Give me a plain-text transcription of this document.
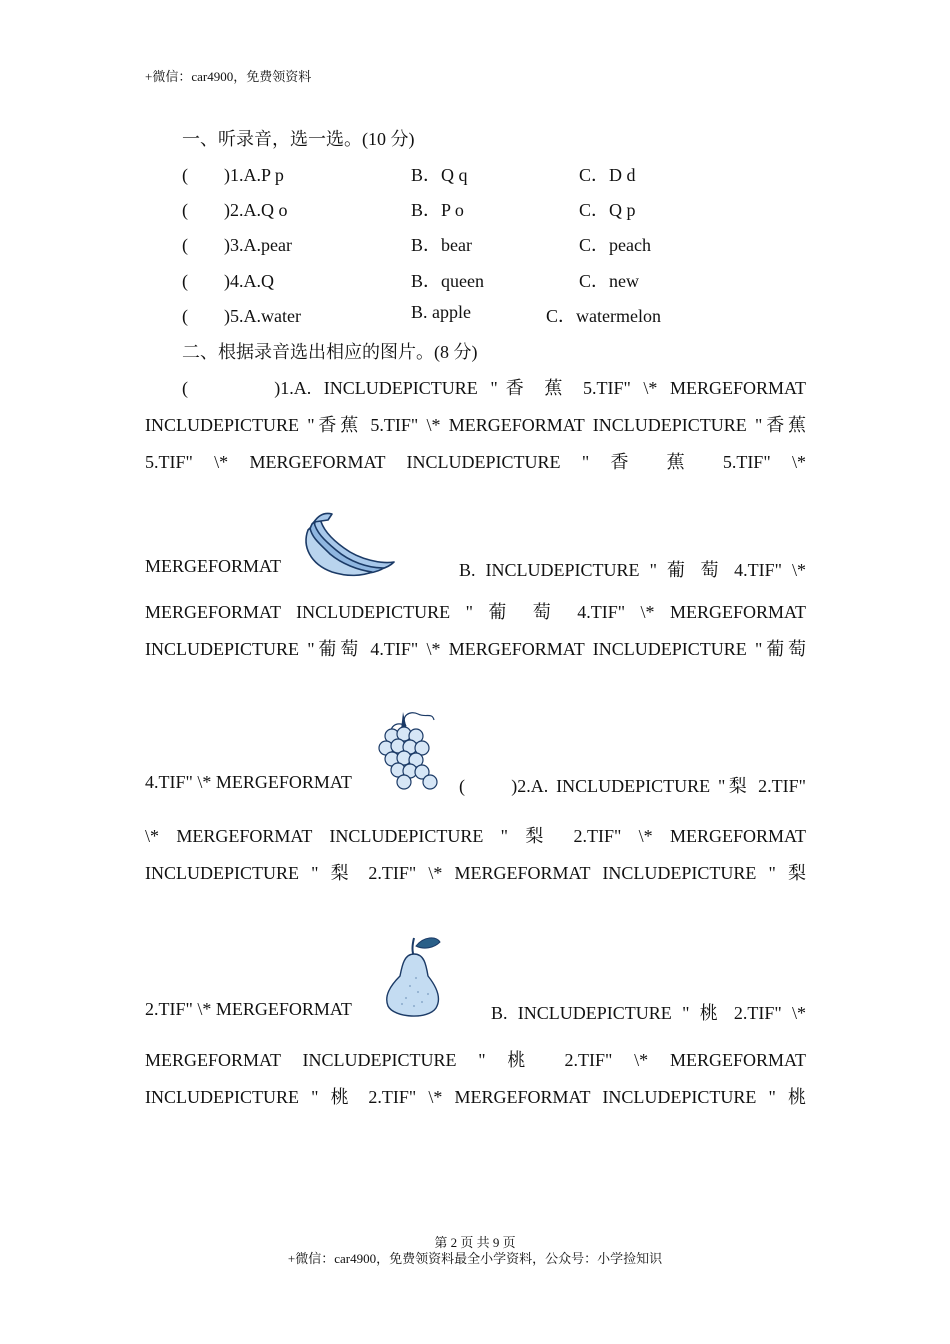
+微信：car4900，免费领资料
一、听录音，选一选。(10 分)
(　　)1.A.P p	B．Q q	C．D d
(　　)2.A.Q o	B．P o	C．Q p
(　　)3.A.pear	B．bear	C．peach
(　　)4.A.Q	B．queen	C．new
(　　)5.A.water	B. apple	C．watermelon
二、根据录音选出相应的图片。(8 分)
(　　　)1.A. INCLUDEPICTURE "香 蕉 5.TIF" \* MERGEFORMAT
INCLUDEPICTURE "香蕉 5.TIF" \* MERGEFORMAT INCLUDEPICTURE "香蕉
5.TIF" \* MERGEFORMAT INCLUDEPICTURE " 香 蕉 5.TIF" \*
MERGEFORMAT	B. INCLUDEPICTURE " 葡 萄 4.TIF" \*
MERGEFORMAT INCLUDEPICTURE " 葡 萄 4.TIF" \* MERGEFORMAT
INCLUDEPICTURE "葡萄 4.TIF" \* MERGEFORMAT INCLUDEPICTURE "葡萄
4.TIF" \* MERGEFORMAT	(　　)2.A. INCLUDEPICTURE "梨 2.TIF"
\* MERGEFORMAT INCLUDEPICTURE " 梨 2.TIF" \* MERGEFORMAT
INCLUDEPICTURE " 梨 2.TIF" \* MERGEFORMAT INCLUDEPICTURE " 梨
2.TIF" \* MERGEFORMAT	B. INCLUDEPICTURE " 桃 2.TIF" \*
MERGEFORMAT INCLUDEPICTURE " 桃 2.TIF" \* MERGEFORMAT
INCLUDEPICTURE " 桃 2.TIF" \* MERGEFORMAT INCLUDEPICTURE " 桃
第 2 页 共 9 页
+微信：car4900，免费领资料最全小学资料，公众号：小学捡知识
